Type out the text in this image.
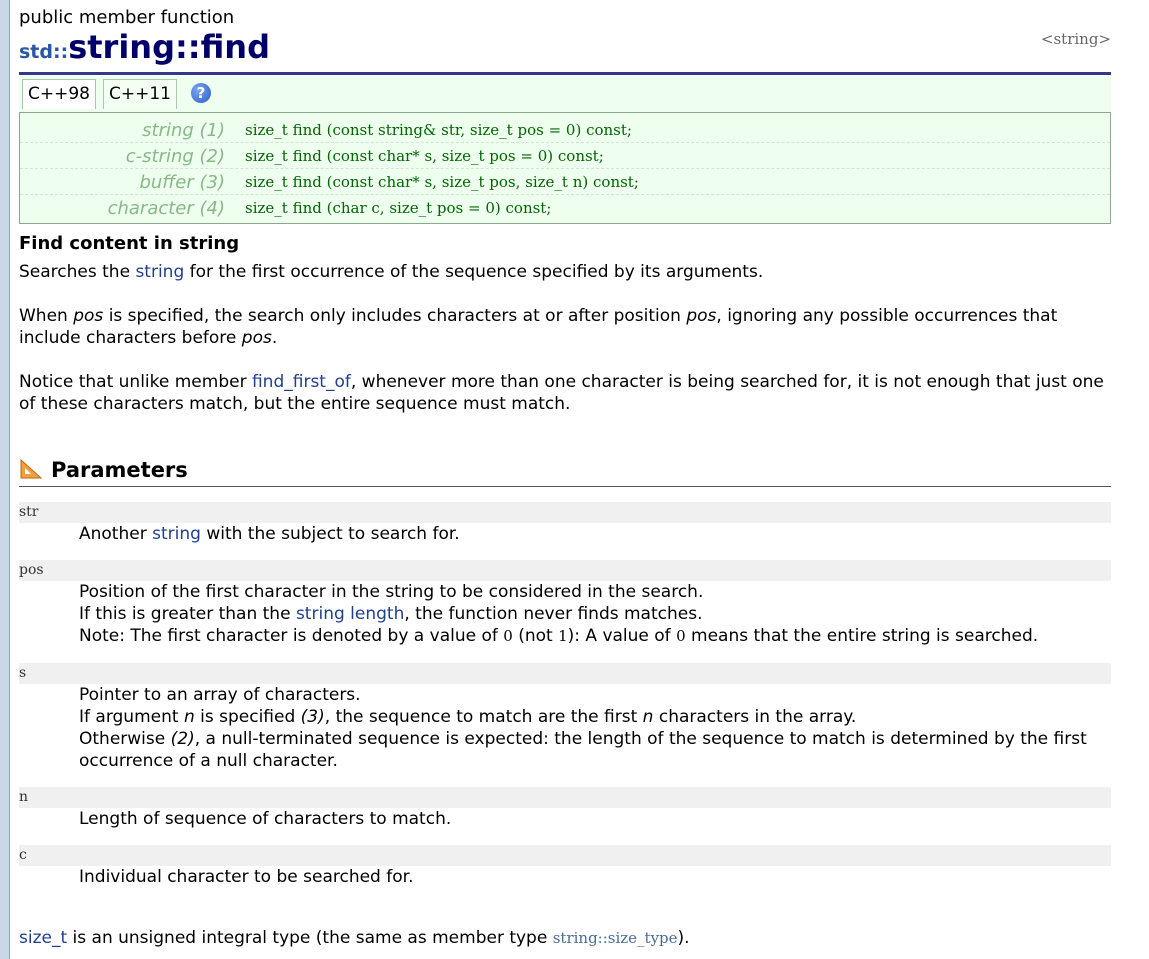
public member function
std::string::find	<string>
C++98	C++11	?
string (1) size_t find (const string& str, size_t pos = 0) const;
c-string (2) size_t find (const char* s, size_t pos = 0) const;
buffer (3) size_t find (const char* s, size_t pos, size_t n) const;
character (4) size_t find (char c, size_t pos = 0) const;
Find content in string

Searches the string for the first occurrence of the sequence specified by its arguments.

When pos is specified, the search only includes characters at or after position pos, ignoring any possible occurrences that include characters before pos.

Notice that unlike member find_first_of, whenever more than one character is being searched for, it is not enough that just one of these characters match, but the entire sequence must match.

Parameters
str
Another string with the subject to search for.
pos
Position of the first character in the string to be considered in the search.
If this is greater than the string length, the function never finds matches.
Note: The first character is denoted by a value of 0 (not 1): A value of 0 means that the entire string is searched.
s
Pointer to an array of characters.
If argument n is specified (3), the sequence to match are the first n characters in the array.
Otherwise (2), a null-terminated sequence is expected: the length of the sequence to match is determined by the first occurrence of a null character.
n
Length of sequence of characters to match.
c
Individual character to be searched for.
size_t is an unsigned integral type (the same as member type string::size_type).
